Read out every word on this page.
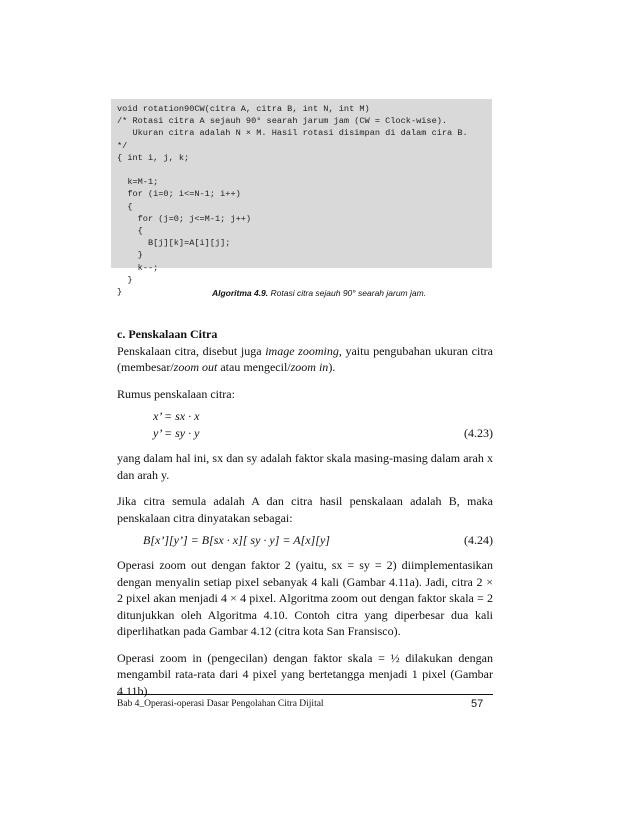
void rotation90CW(citra A, citra B, int N, int M)
/* Rotasi citra A sejauh 90° searah jarum jam (CW = Clock-wise).
Ukuran citra adalah N × M. Hasil rotasi disimpan di dalam cira B.
*/
{ int i, j, k;

k=M-1;
for (i=0; i<=N-1; i++)
{
for (j=0; j<=M-1; j++)
{
B[j][k]=A[i][j];
}
k--;
}
}	Algoritma 4.9. Rotasi citra sejauh 90° searah jarum jam.

c. Penskalaan Citra

Penskalaan citra, disebut juga image zooming, yaitu pengubahan ukuran citra (membesar/zoom out atau mengecil/zoom in).

Rumus penskalaan citra:

x’ = sx · x
y’ = sy · y	(4.23)

yang dalam hal ini, sx dan sy adalah faktor skala masing-masing dalam arah x dan arah y.

Jika citra semula adalah A dan citra hasil penskalaan adalah B, maka penskalaan citra dinyatakan sebagai:

B[x’][y’] = B[sx · x][ sy · y] = A[x][y]	(4.24)

Operasi zoom out dengan faktor 2 (yaitu, sx = sy = 2) diimplementasikan dengan menyalin setiap pixel sebanyak 4 kali (Gambar 4.11a). Jadi, citra 2 × 2 pixel akan menjadi 4 × 4 pixel. Algoritma zoom out dengan faktor skala = 2 ditunjukkan oleh Algoritma 4.10. Contoh citra yang diperbesar dua kali diperlihatkan pada Gambar 4.12 (citra kota San Fransisco).

Operasi zoom in (pengecilan) dengan faktor skala = ½ dilakukan dengan mengambil rata-rata dari 4 pixel yang bertetangga menjadi 1 pixel (Gambar 4.11b).

Bab 4_Operasi-operasi Dasar Pengolahan Citra Dijital	57
